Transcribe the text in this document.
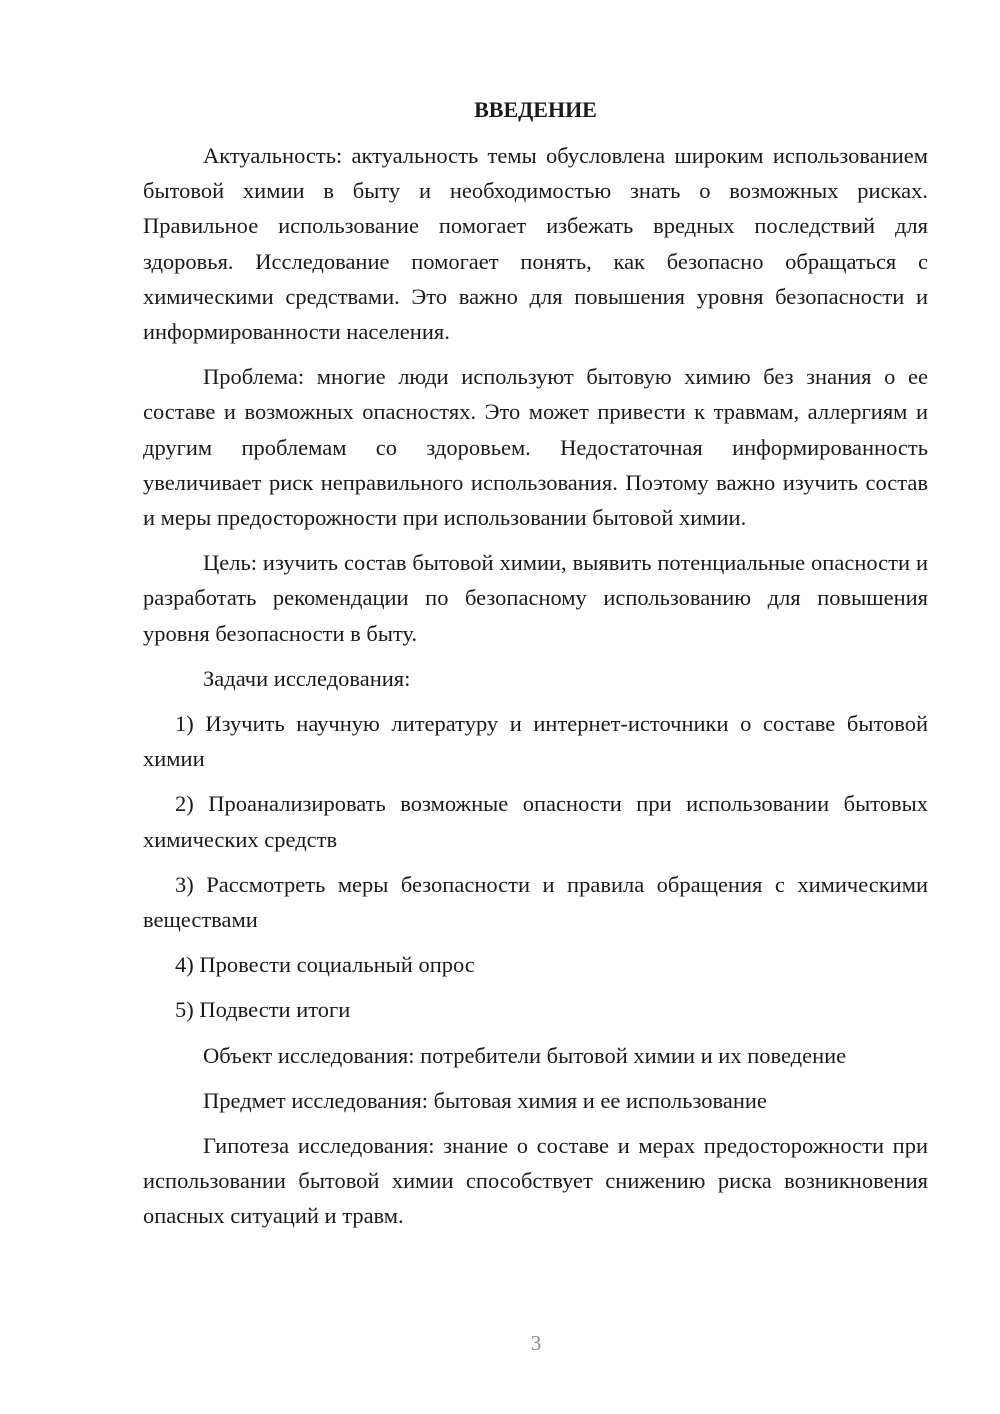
ВВЕДЕНИЕ

Актуальность: актуальность темы обусловлена широким использованием бытовой химии в быту и необходимостью знать о возможных рисках. Правильное использование помогает избежать вредных последствий для здоровья. Исследование помогает понять, как безопасно обращаться с химическими средствами. Это важно для повышения уровня безопасности и информированности населения.

Проблема: многие люди используют бытовую химию без знания о ее составе и возможных опасностях. Это может привести к травмам, аллергиям и другим проблемам со здоровьем. Недостаточная информированность увеличивает риск неправильного использования. Поэтому важно изучить состав и меры предосторожности при использовании бытовой химии.

Цель: изучить состав бытовой химии, выявить потенциальные опасности и разработать рекомендации по безопасному использованию для повышения уровня безопасности в быту.

Задачи исследования:

1) Изучить научную литературу и интернет-источники о составе бытовой химии

2) Проанализировать возможные опасности при использовании бытовых химических средств

3) Рассмотреть меры безопасности и правила обращения с химическими веществами

4) Провести социальный опрос

5) Подвести итоги

Объект исследования: потребители бытовой химии и их поведение

Предмет исследования: бытовая химия и ее использование

Гипотеза исследования: знание о составе и мерах предосторожности при использовании бытовой химии способствует снижению риска возникновения опасных ситуаций и травм.

3
